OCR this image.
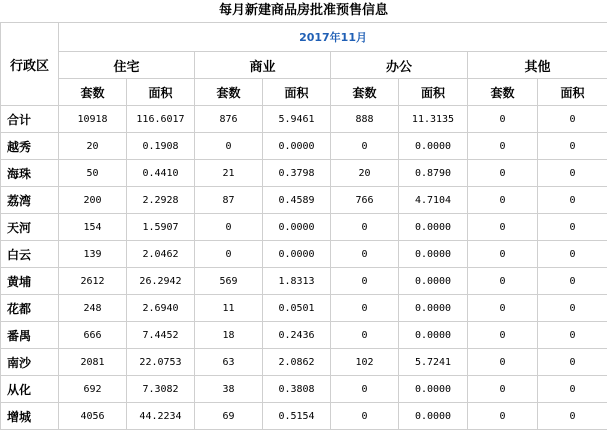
每月新建商品房批准预售信息
行政区	2017年11月							
	住宅		商业		办公		其他	
	套数	面积	套数	面积	套数	面积	套数	面积
合计	10918	116.6017	876	5.9461	888	11.3135	0	0
越秀	20	0.1908	0	0.0000	0	0.0000	0	0
海珠	50	0.4410	21	0.3798	20	0.8790	0	0
荔湾	200	2.2928	87	0.4589	766	4.7104	0	0
天河	154	1.5907	0	0.0000	0	0.0000	0	0
白云	139	2.0462	0	0.0000	0	0.0000	0	0
黄埔	2612	26.2942	569	1.8313	0	0.0000	0	0
花都	248	2.6940	11	0.0501	0	0.0000	0	0
番禺	666	7.4452	18	0.2436	0	0.0000	0	0
南沙	2081	22.0753	63	2.0862	102	5.7241	0	0
从化	692	7.3082	38	0.3808	0	0.0000	0	0
增城	4056	44.2234	69	0.5154	0	0.0000	0	0
